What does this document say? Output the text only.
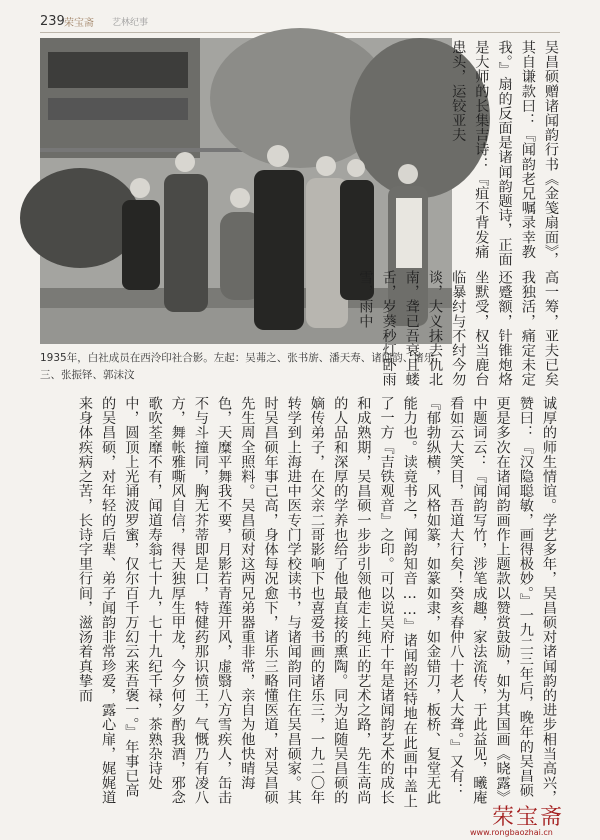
239 荣宝斋 艺林纪事
1935年，白社成员在西泠印社合影。左起：吴茀之、张书旂、潘天寿、诸闻韵、诸乐三、张振铎、郭沫汶
吴昌硕赠诸闻韵行书《金笺扇面》，其自谦款曰：『闻韵老兄嘱录幸教我。』扇的反面是诸闻韵题诗，正面是大师的长集吉诗：『疽不背发痛患头，运铰亚夫
高一筹，亚夫已矣我独活，痛定未定还蹙额，针锥炮烙坐默受，权当鹿台临暴纣与不纣今勿谈，大义抹去仇北南，聋已吾衰且蝼舌，岁葵秒灯卧雨雪，雨中
诚厚的师生情谊。学艺多年，吴昌硕对诸闻韵的进步相当高兴，赞曰：『汉隐聪敏，画得极妙。』一九二三年后，晚年的吴昌硕更是多次在诸闻韵画作上题款以赞赏鼓励，如为其国画《晓露》中题词云：『闻韵写竹，涉笔成趣，家法流传，于此益见，曦庵看如云大笑目，吾道大行矣！癸亥春仲八十老人大聋。』又有：『郁勃纵横，风格如篆，如篆如隶，如金错刀，板桥、复堂无此能力也。读竟书之，闻韵知音……』诸闻韵还特地在此画中盖上了一方『吉铁观音』之印。可以说吴府十年是诸闻韵艺术的成长和成熟期，吴昌硕一步步引领他走上纯正的艺术之路，先生高尚的人品和深厚的学养也给了他最直接的熏陶。同为追随吴昌硕的嫡传弟子，在父亲二哥影响下也喜爱书画的诸乐三，一九二〇年转学到上海进中医专门学校读书，与诸闻韵同住在吴昌硕家。其时吴昌硕年事已高，身体每况愈下，诸乐三略懂医道，对吴昌硕先生周全照料。吴昌硕对这两兄弟器重非常，亲自为他快晴海色，天糜平舞我不要，月影若青莲开风，虚翳八方雪疾人，缶击不与斗撞同，胸无芥蒂即是口，特健药那识愤王，气慨乃有凌八方，舞帐雅嘶风自信，得天独厚生甲龙，今夕何夕酌我酒，邪念歌吹荃靡不有，闻道寿翁七十九，七十九纪千禄，茶熟杂诗处中，圆顶上光诵波罗蜜，仅尔百千万幻云来吾褒一。』年事已高的吴昌硕，对年轻的后辈、弟子闻韵非常珍爱，露心扉，娓娓道来身体疾病之苦，长诗字里行间，滋汤着真挚而
荣宝斋
www.rongbaozhai.cn
